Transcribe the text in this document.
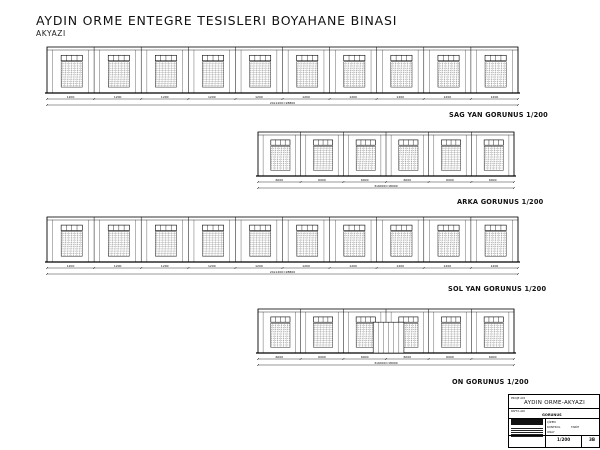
AYDIN ORME ENTEGRE TESISLERI BOYAHANE BINASI
AKYAZI
1200	1200	1200	1200	1200	1200	1200	1200	1200	1200
24x1200=28800
SAG YAN GORUNUS 1/200
6000	6000	6000	6000	6000	6000
3x6000=18000
ARKA GORUNUS 1/200
1200	1200	1200	1200	1200	1200	1200	1200	1200	1200
24x1200=28800
SOL YAN GORUNUS 1/200
6000	6000	6000	6000	6000	6000
3x6000=18000
ON GORUNUS 1/200
PROJE ADI
AYDIN ORME-AKYAZI
PAFTA ADI
GORUNUS
ÇİZEN
KONTROL
ONAY
TARİH
1/200	3B
